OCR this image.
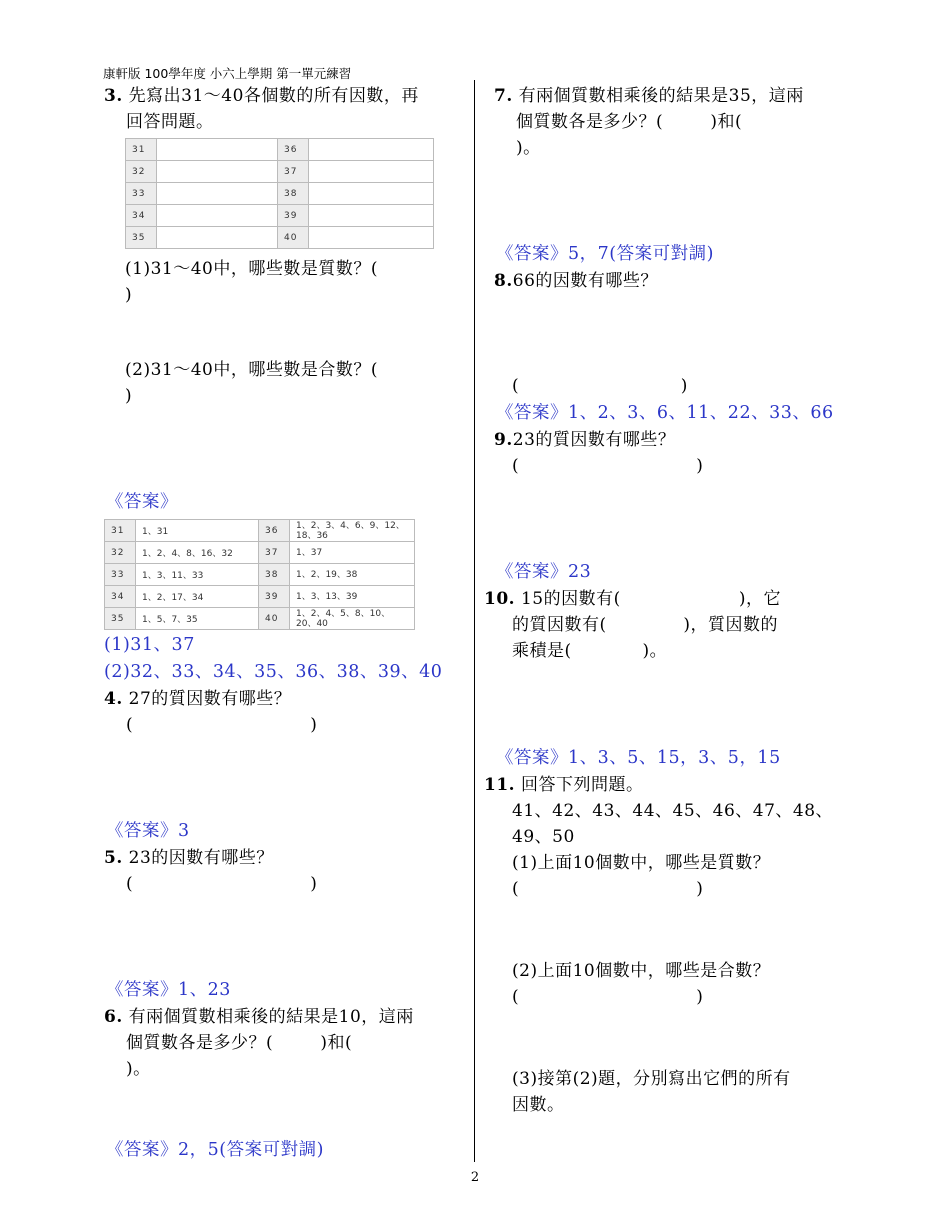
康軒版 100學年度 小六上學期 第一單元練習
2
3. 先寫出31～40各個數的所有因數，再
回答問題。
31		36	
32		37	
33		38	
34		39	
35		40	
(1)31～40中，哪些數是質數？(
)
(2)31～40中，哪些數是合數？(
)
《答案》
31	1、31	36	1、2、3、4、6、9、12、18、36
32	1、2、4、8、16、32	37	1、37
33	1、3、11、33	38	1、2、19、38
34	1、2、17、34	39	1、3、13、39
35	1、5、7、35	40	1、2、4、5、8、10、20、40
(1)31、37
(2)32、33、34、35、36、38、39、40
4. 27的質因數有哪些？
(                              )
《答案》3
5. 23的因數有哪些？
(                              )
《答案》1、23
6. 有兩個質數相乘後的結果是10，這兩
個質數各是多少？(        )和(
)。
《答案》2，5(答案可對調)
7. 有兩個質數相乘後的結果是35，這兩
個質數各是多少？(        )和(
)。
《答案》5，7(答案可對調)
8.66的因數有哪些？
(                              )
《答案》1、2、3、6、11、22、33、66
9.23的質因數有哪些？
(                              )
《答案》23
10. 15的因數有(                    )，它
的質因數有(             )，質因數的
乘積是(            )。
《答案》1、3、5、15，3、5，15
11. 回答下列問題。
41、42、43、44、45、46、47、48、
49、50
(1)上面10個數中，哪些是質數？
(                              )
(2)上面10個數中，哪些是合數？
(                              )
(3)接第(2)題，分別寫出它們的所有
因數。
